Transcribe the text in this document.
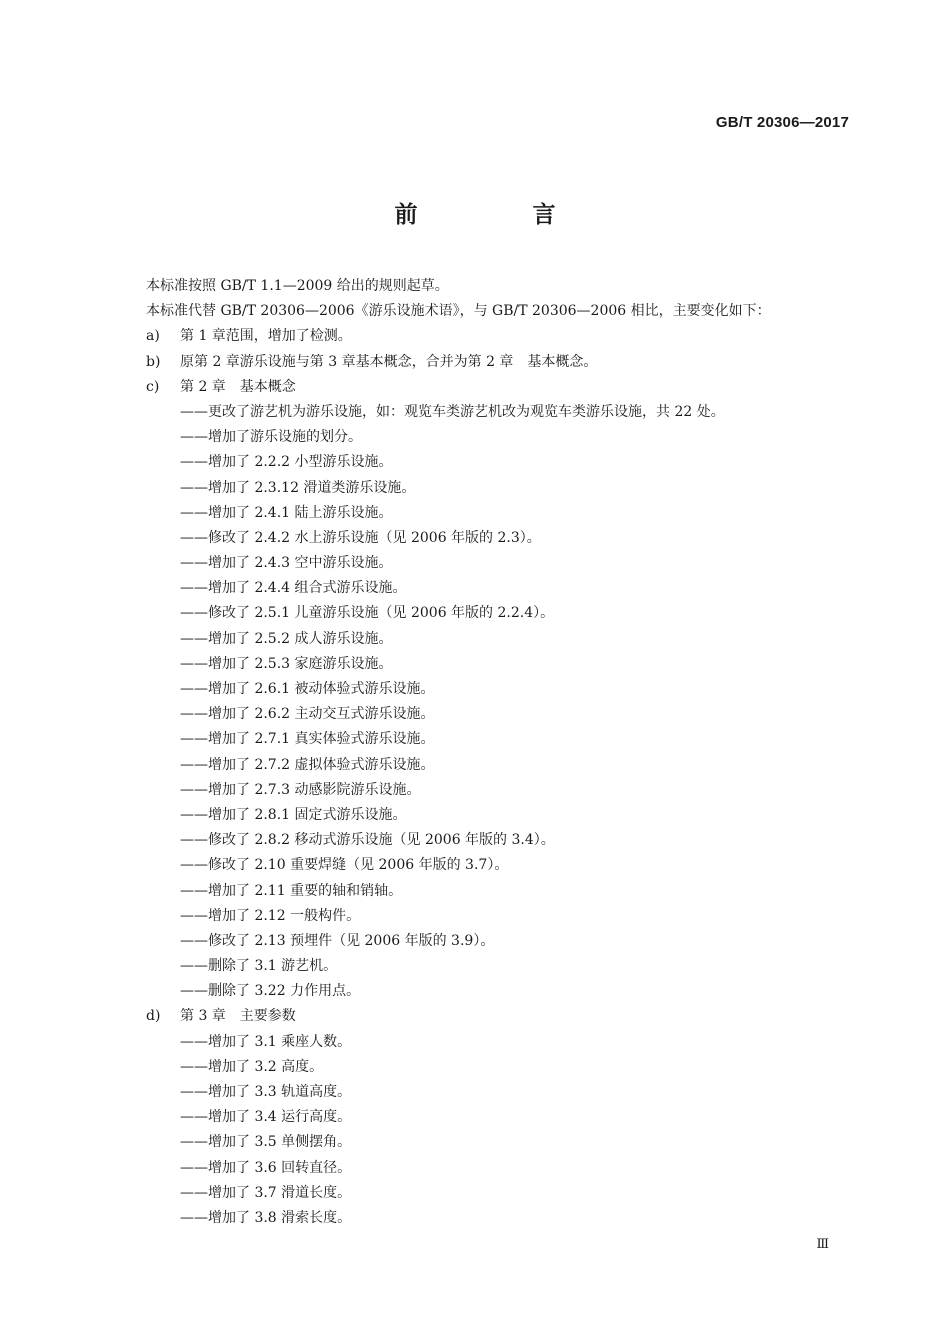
GB/T 20306—2017
前　言
本标准按照 GB/T 1.1—2009 给出的规则起草。
本标准代替 GB/T 20306—2006《游乐设施术语》，与 GB/T 20306—2006 相比，主要变化如下：
a)	第 1 章范围，增加了检测。
b)	原第 2 章游乐设施与第 3 章基本概念，合并为第 2 章　基本概念。
c)	第 2 章　基本概念
——更改了游艺机为游乐设施，如：观览车类游艺机改为观览车类游乐设施，共 22 处。
——增加了游乐设施的划分。
——增加了 2.2.2 小型游乐设施。
——增加了 2.3.12 滑道类游乐设施。
——增加了 2.4.1 陆上游乐设施。
——修改了 2.4.2 水上游乐设施（见 2006 年版的 2.3）。
——增加了 2.4.3 空中游乐设施。
——增加了 2.4.4 组合式游乐设施。
——修改了 2.5.1 儿童游乐设施（见 2006 年版的 2.2.4）。
——增加了 2.5.2 成人游乐设施。
——增加了 2.5.3 家庭游乐设施。
——增加了 2.6.1 被动体验式游乐设施。
——增加了 2.6.2 主动交互式游乐设施。
——增加了 2.7.1 真实体验式游乐设施。
——增加了 2.7.2 虚拟体验式游乐设施。
——增加了 2.7.3 动感影院游乐设施。
——增加了 2.8.1 固定式游乐设施。
——修改了 2.8.2 移动式游乐设施（见 2006 年版的 3.4）。
——修改了 2.10 重要焊缝（见 2006 年版的 3.7）。
——增加了 2.11 重要的轴和销轴。
——增加了 2.12 一般构件。
——修改了 2.13 预埋件（见 2006 年版的 3.9）。
——删除了 3.1 游艺机。
——删除了 3.22 力作用点。
d)	第 3 章　主要参数
——增加了 3.1 乘座人数。
——增加了 3.2 高度。
——增加了 3.3 轨道高度。
——增加了 3.4 运行高度。
——增加了 3.5 单侧摆角。
——增加了 3.6 回转直径。
——增加了 3.7 滑道长度。
——增加了 3.8 滑索长度。
Ⅲ
